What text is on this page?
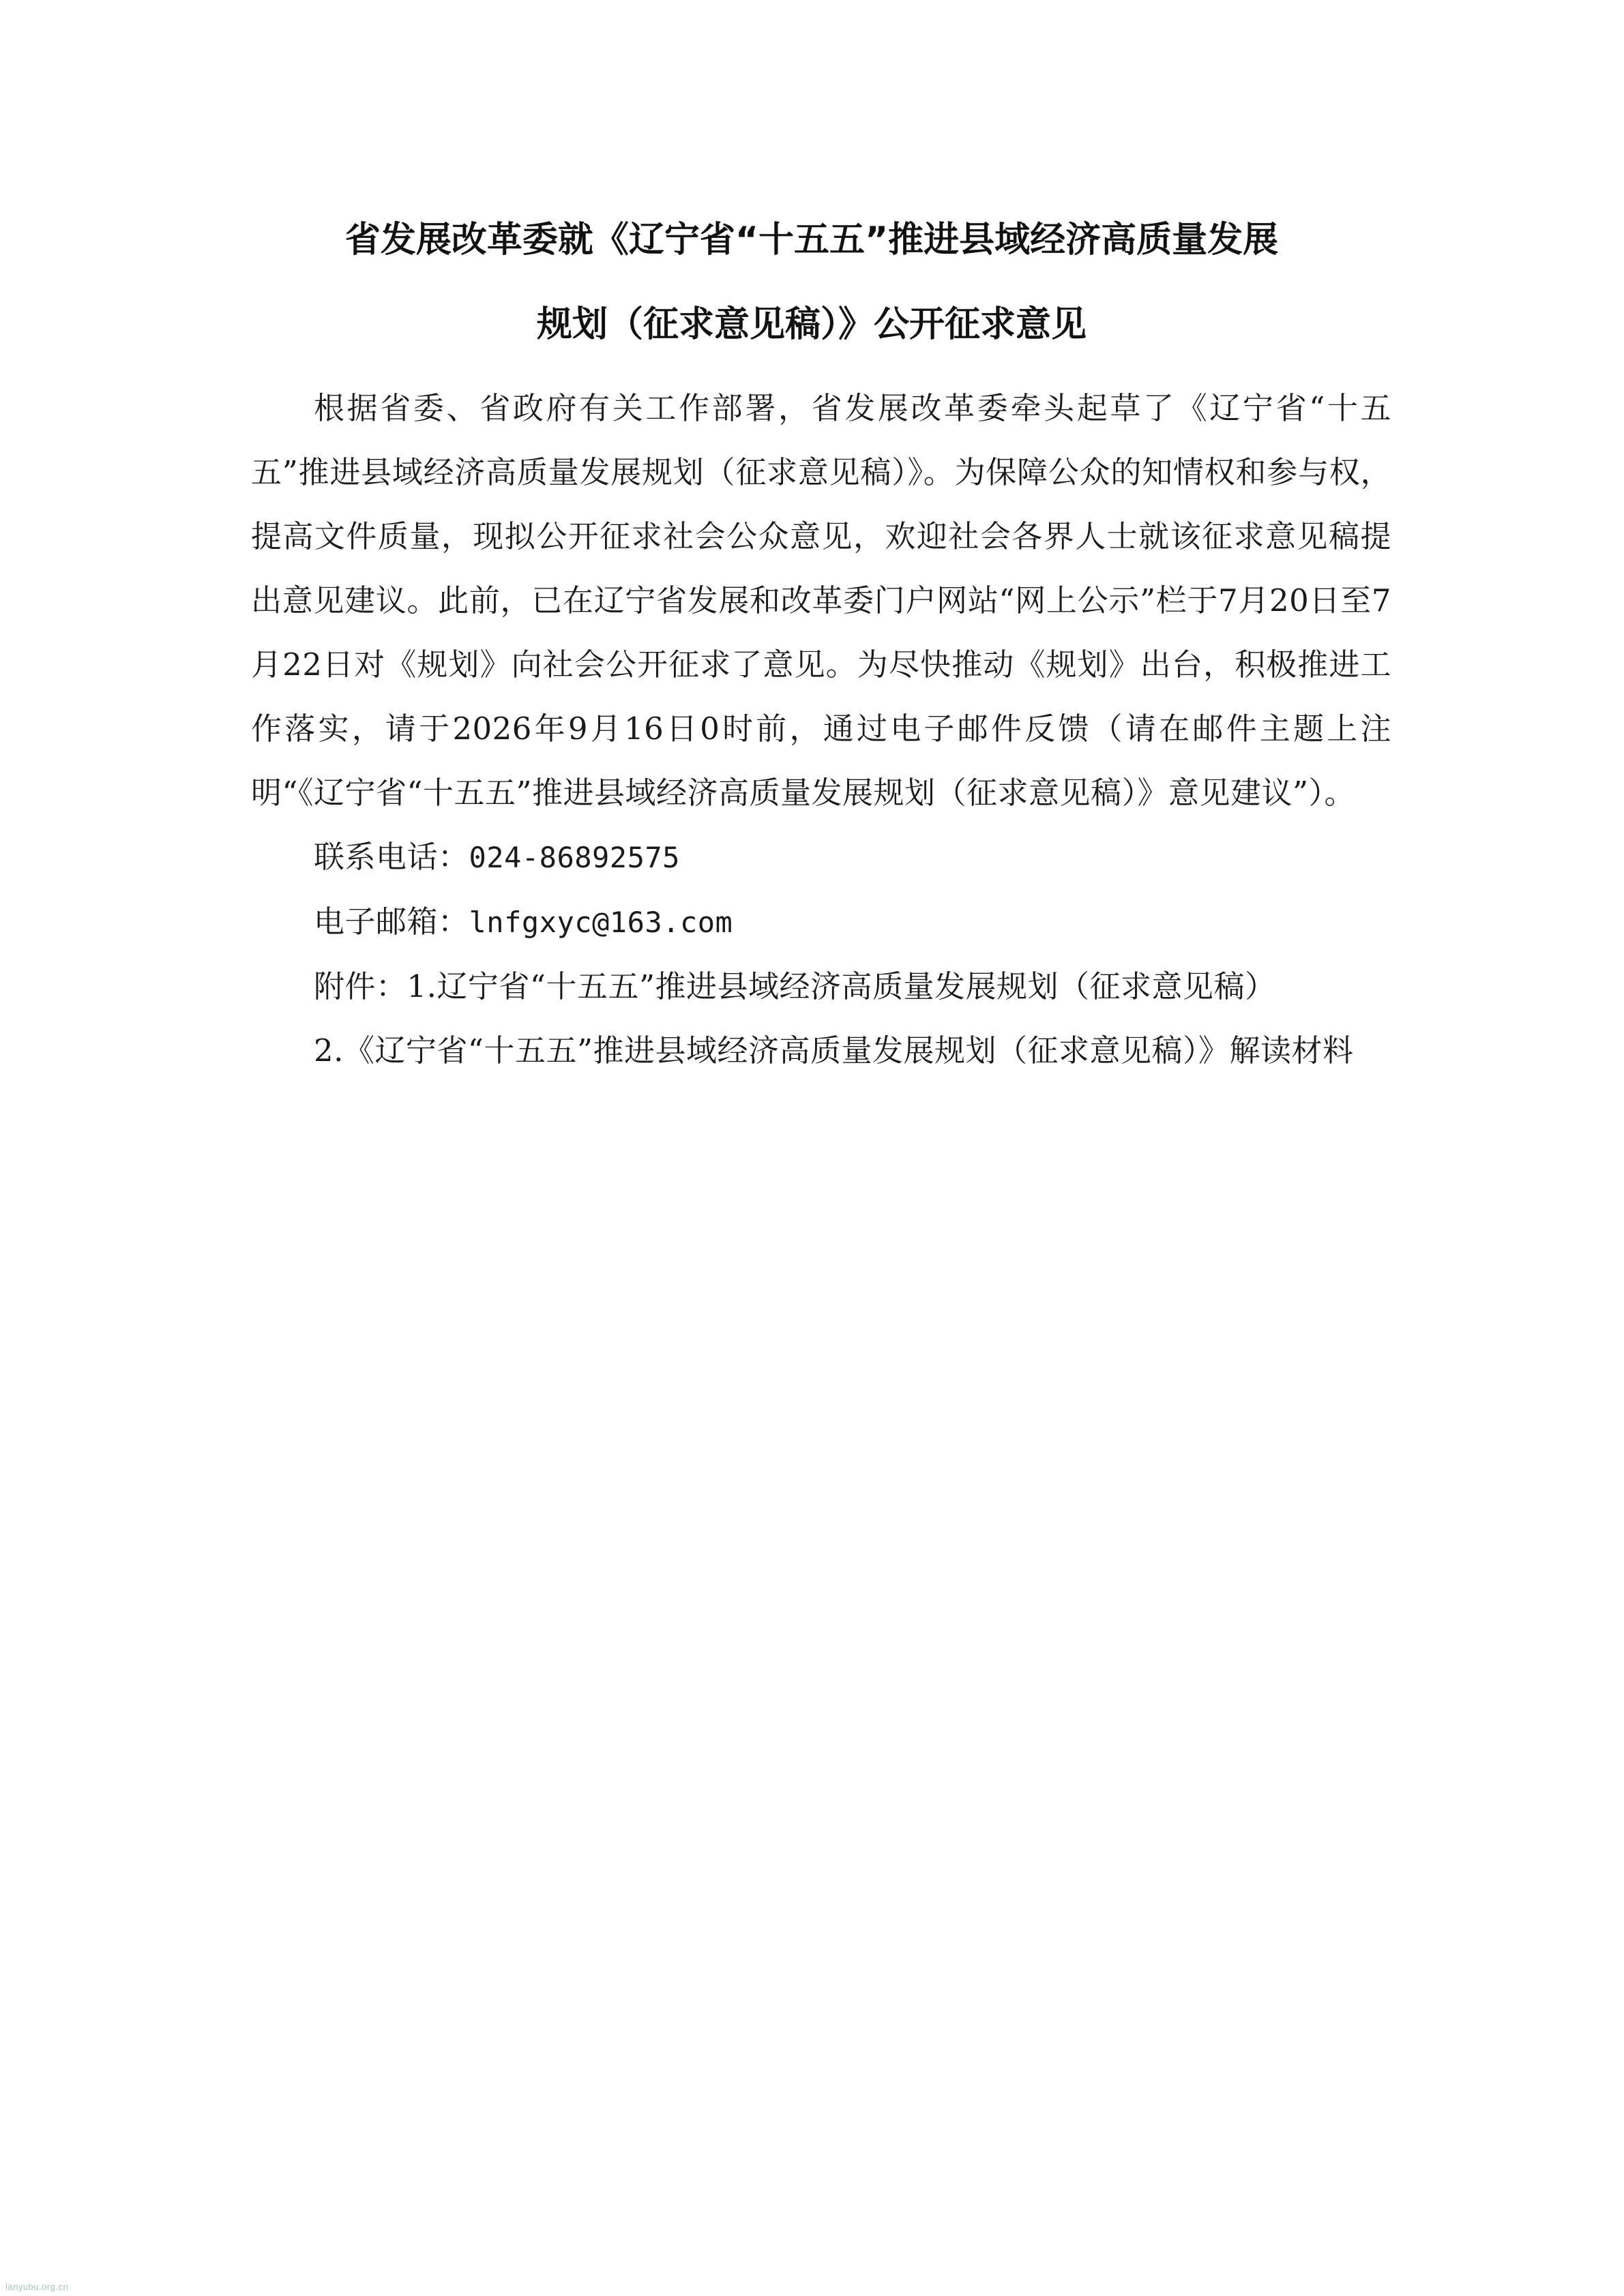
省发展改革委就《辽宁省“十五五”推进县域经济高质量发展
规划（征求意见稿）》公开征求意见

根据省委、省政府有关工作部署，省发展改革委牵头起草了《辽宁省“十五五”推进县域经济高质量发展规划（征求意见稿）》。为保障公众的知情权和参与权，提高文件质量，现拟公开征求社会公众意见，欢迎社会各界人士就该征求意见稿提出意见建议。此前，已在辽宁省发展和改革委门户网站“网上公示”栏于7月20日至7月22日对《规划》向社会公开征求了意见。为尽快推动《规划》出台，积极推进工作落实，请于2026年9月16日0时前，通过电子邮件反馈（请在邮件主题上注明“《辽宁省“十五五”推进县域经济高质量发展规划（征求意见稿）》意见建议”）。

联系电话：024-86892575

电子邮箱：lnfgxyc@163.com

附件：1.辽宁省“十五五”推进县域经济高质量发展规划（征求意见稿）

2.《辽宁省“十五五”推进县域经济高质量发展规划（征求意见稿）》解读材料

lanyubu.org.cn
